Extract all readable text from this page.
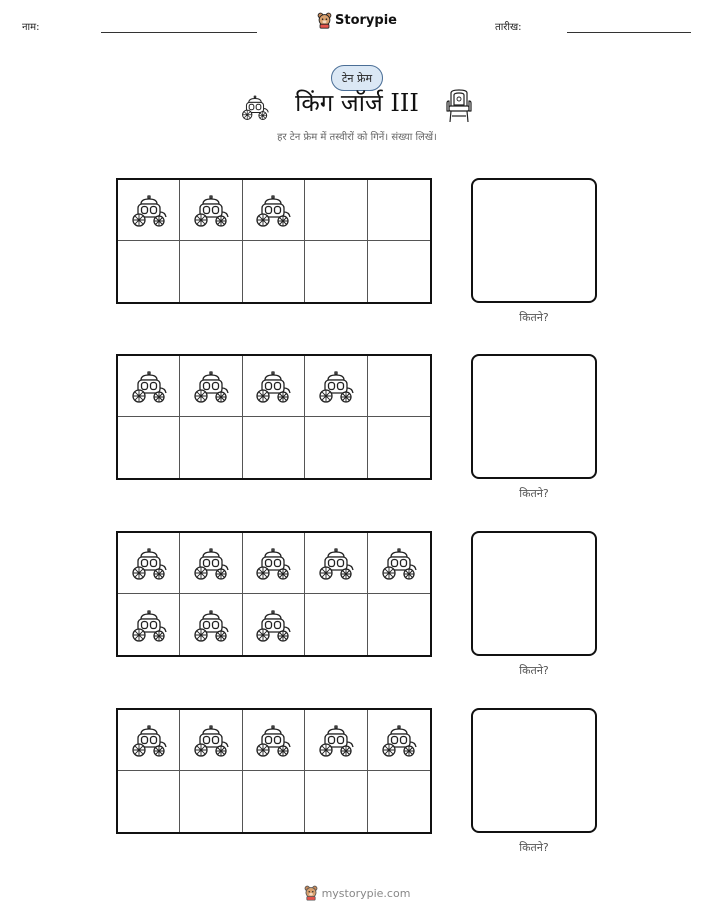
नाम:	Storypie	तारीख:
टेन फ्रेम
किंग जॉर्ज III
हर टेन फ्रेम में तस्वीरों को गिनें। संख्या लिखें।
कितने?
कितने?
कितने?
कितने?
mystorypie.com
